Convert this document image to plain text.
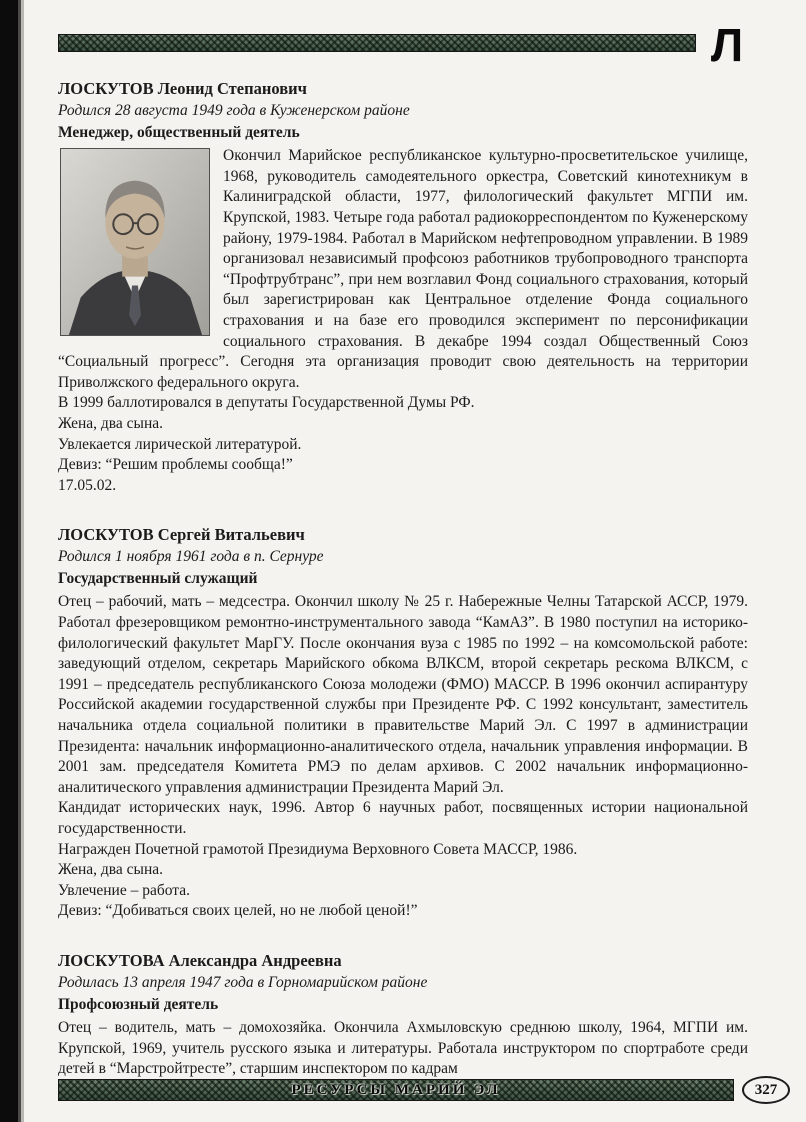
Л
ЛОСКУТОВ Леонид Степанович

Родился 28 августа 1949 года в Куженерском районе

Менеджер, общественный деятель

Окончил Марийское республиканское культурно-просветительское училище, 1968, руководитель самодеятельного оркестра, Советский кинотехникум в Калиниградской области, 1977, филологический факультет МГПИ им. Крупской, 1983. Четыре года работал радиокорреспондентом по Куженерскому району, 1979-1984. Работал в Марийском нефтепроводном управлении. В 1989 организовал независимый профсоюз работников трубопроводного транспорта “Профтрубтранс”, при нем возглавил Фонд социального страхования, который был зарегистрирован как Центральное отделение Фонда социального страхования и на базе его проводился эксперимент по персонификации социального страхования. В декабре 1994 создал Общественный Союз “Социальный прогресс”. Сегодня эта организация проводит свою деятельность на территории Приволжского федерального округа.

В 1999 баллотировался в депутаты Государственной Думы РФ.

Жена, два сына.

Увлекается лирической литературой.

Девиз: “Решим проблемы сообща!”

17.05.02.

ЛОСКУТОВ Сергей Витальевич

Родился 1 ноября 1961 года в п. Сернуре

Государственный служащий

Отец – рабочий, мать – медсестра. Окончил школу № 25 г. Набережные Челны Татарской АССР, 1979. Работал фрезеровщиком ремонтно-инструментального завода “КамАЗ”. В 1980 поступил на историко-филологический факультет МарГУ. После окончания вуза с 1985 по 1992 – на комсомольской работе: заведующий отделом, секретарь Марийского обкома ВЛКСМ, второй секретарь рескома ВЛКСМ, с 1991 – председатель республиканского Союза молодежи (ФМО) МАССР. В 1996 окончил аспирантуру Российской академии государственной службы при Президенте РФ. С 1992 консультант, заместитель начальника отдела социальной политики в правительстве Марий Эл. С 1997 в администрации Президента: начальник информационно-аналитического отдела, начальник управления информации. В 2001 зам. председателя Комитета РМЭ по делам архивов. С 2002 начальник информационно-аналитического управления администрации Президента Марий Эл.

Кандидат исторических наук, 1996. Автор 6 научных работ, посвященных истории национальной государственности.

Награжден Почетной грамотой Президиума Верховного Совета МАССР, 1986.

Жена, два сына.

Увлечение – работа.

Девиз: “Добиваться своих целей, но не любой ценой!”

ЛОСКУТОВА Александра Андреевна

Родилась 13 апреля 1947 года в Горномарийском районе

Профсоюзный деятель

Отец – водитель, мать – домохозяйка. Окончила Ахмыловскую среднюю школу, 1964, МГПИ им. Крупской, 1969, учитель русского языка и литературы. Работала инструктором по спортработе среди детей в “Марстройтресте”, старшим инспектором по кадрам

РЕСУРСЫ МАРИЙ ЭЛ	327
